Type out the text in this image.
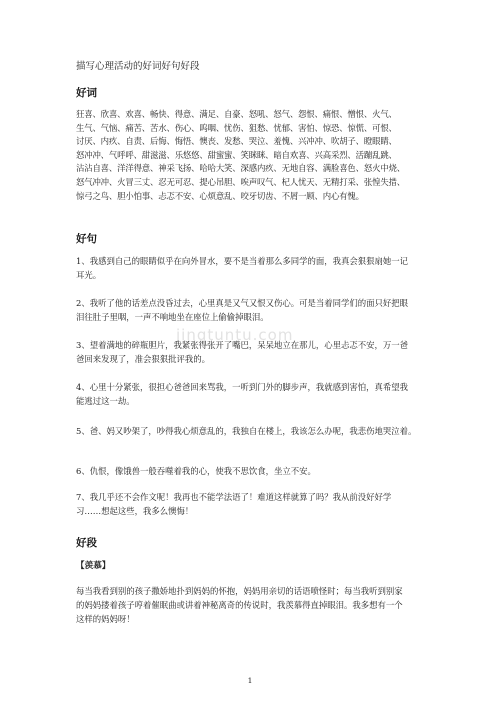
jingtuntu.com
描写心理活动的好词好句好段
好词
狂喜、欣喜、欢喜、畅快、得意、满足、自豪、怒吼、怒气、怨恨、痛恨、憎恨、火气、
生气、气恼、痛苦、苦水、伤心、呜咽、忧伤、狙愁、忧郁、害怕、惊恐、惊慌、可恨、
讨厌、内疚、自责、后悔、悔悟、懊丧、发愁、哭泣、羞愧、兴冲冲、吹胡子、瞪眼睛、
怒冲冲、气呼呼、甜滋滋、乐悠悠、甜蜜蜜、笑眯眯、暗自欢喜、兴高采烈、活蹦乱跳、
沾沾自喜、洋洋得意、神采飞扬、哈哈大笑、深感内疚、无地自容、满脸喜色、怒火中烧、
怒气冲冲、火冒三丈、忍无可忍、提心吊胆、唉声叹气、杞人忧天、无精打采、张惶失措、
惊弓之鸟、胆小怕事、忐忑不安、心烦意乱、咬牙切齿、不屑一顾、内心有愧。
好句
1、我感到自己的眼睛似乎在向外冒水，要不是当着那么多同学的面，我真会狠狠扇她一记
耳光。
2、我听了他的话差点没昏过去，心里真是又气又恨又伤心。可是当着同学们的面只好把眼
泪往肚子里咽，一声不响地坐在座位上偷偷掉眼泪。
3、望着满地的碎瓶胆片，我紧张得张开了嘴巴，呆呆地立在那儿，心里忐忑不安，万一爸
爸回来发现了，准会狠狠批评我的。
4、心里十分紧张，很担心爸爸回来骂我，一听到门外的脚步声，我就感到害怕，真希望我
能逃过这一劫。
5、爸、妈又吵架了，吵得我心烦意乱的，我独自在楼上，我该怎么办呢，我悲伤地哭泣着。
6、仇恨，像饿兽一般吞噬着我的心，使我不思饮食，坐立不安。
7、我几乎还不会作文呢！我再也不能学法语了！难道这样就算了吗？我从前没好好学
习……想起这些，我多么懊悔！
好段
【羡慕】
每当我看到别的孩子撒娇地扑到妈妈的怀抱，妈妈用亲切的话语喷怪时；每当我听到别家
的妈妈搂着孩子哼着催眠曲或讲着神秘离奇的传说时，我羡慕得直掉眼泪。我多想有一个
这样的妈妈呀！
1
